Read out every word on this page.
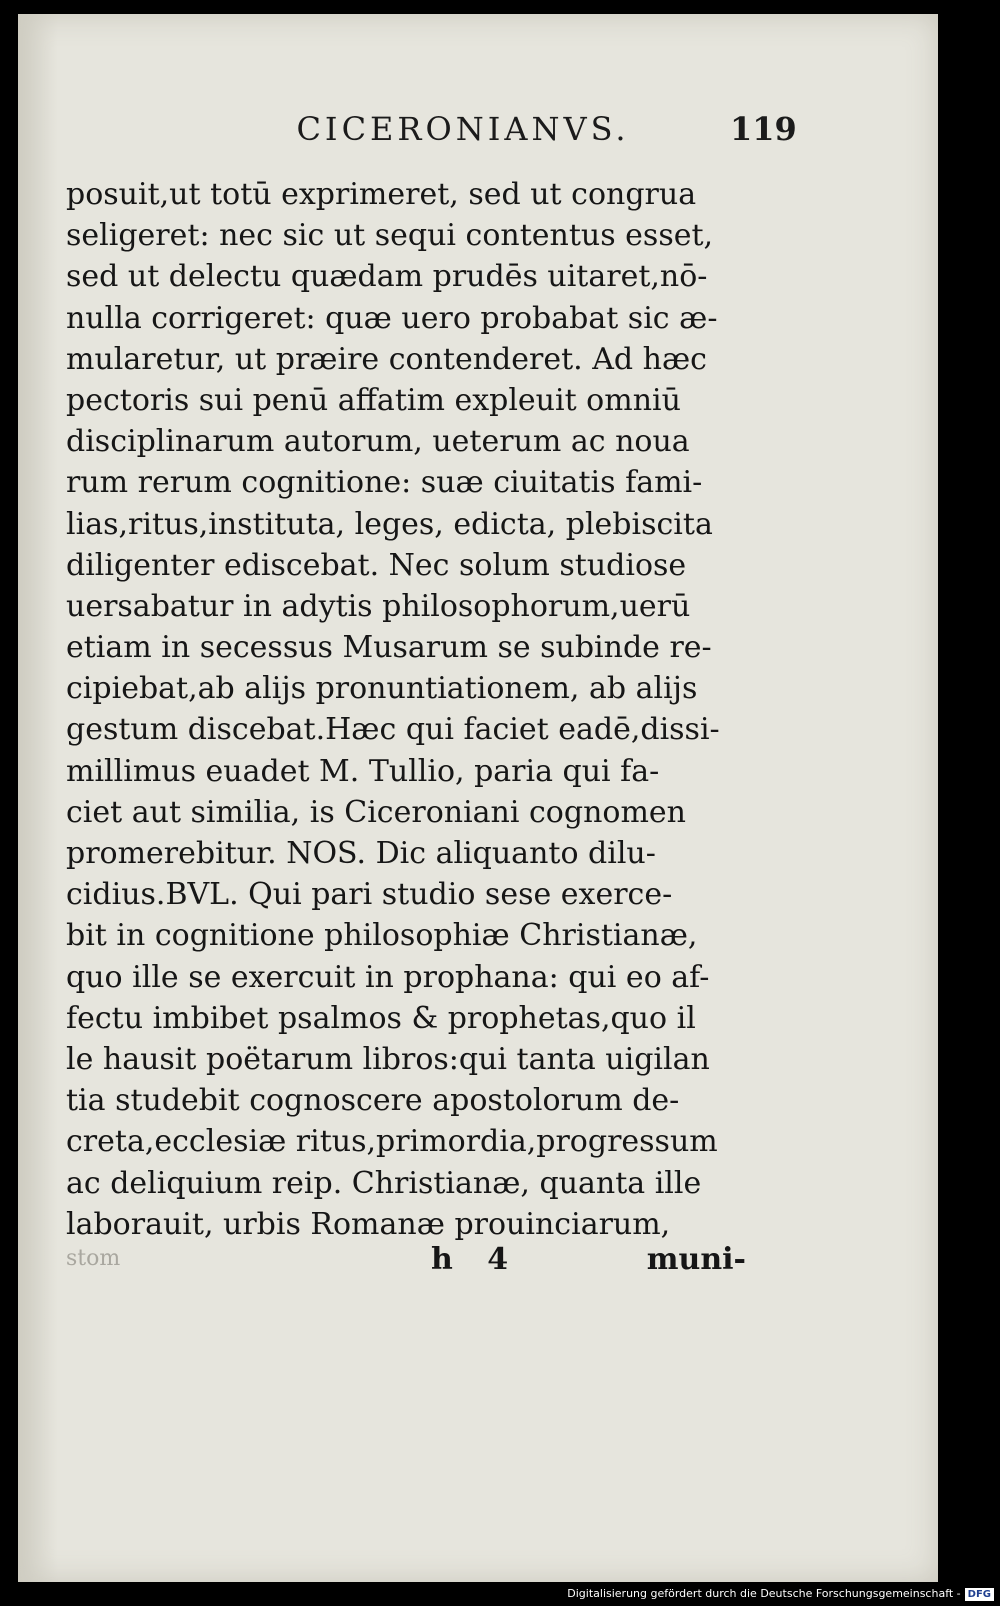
CICERONIANVS.	119
posuit,ut totū exprimeret, sed ut congrua
seligeret: nec sic ut sequi contentus esset,
sed ut delectu quædam prudēs uitaret,nō-
nulla corrigeret: quæ uero probabat sic æ-
mularetur, ut præire contenderet. Ad hæc
pectoris sui penū affatim expleuit omniū
disciplinarum autorum, ueterum ac noua
rum rerum cognitione: suæ ciuitatis fami-
lias,ritus,instituta, leges, edicta, plebiscita
diligenter ediscebat. Nec solum studiose
uersabatur in adytis philosophorum,uerū
etiam in secessus Musarum se subinde re-
cipiebat,ab alijs pronuntiationem, ab alijs
gestum discebat.Hæc qui faciet eadē,dissi-
millimus euadet M. Tullio, paria qui fa-
ciet aut similia, is Ciceroniani cognomen
promerebitur. NOS. Dic aliquanto dilu-
cidius.BVL. Qui pari studio sese exerce-
bit in cognitione philosophiæ Christianæ,
quo ille se exercuit in prophana: qui eo af-
fectu imbibet psalmos & prophetas,quo il
le hausit poëtarum libros:qui tanta uigilan
tia studebit cognoscere apostolorum de-
creta,ecclesiæ ritus,primordia,progressum
ac deliquium reip. Christianæ, quanta ille
laborauit, urbis Romanæ prouinciarum,
stom	h 4	muni-
Digitalisierung gefördert durch die Deutsche Forschungsgemeinschaft - DFG
